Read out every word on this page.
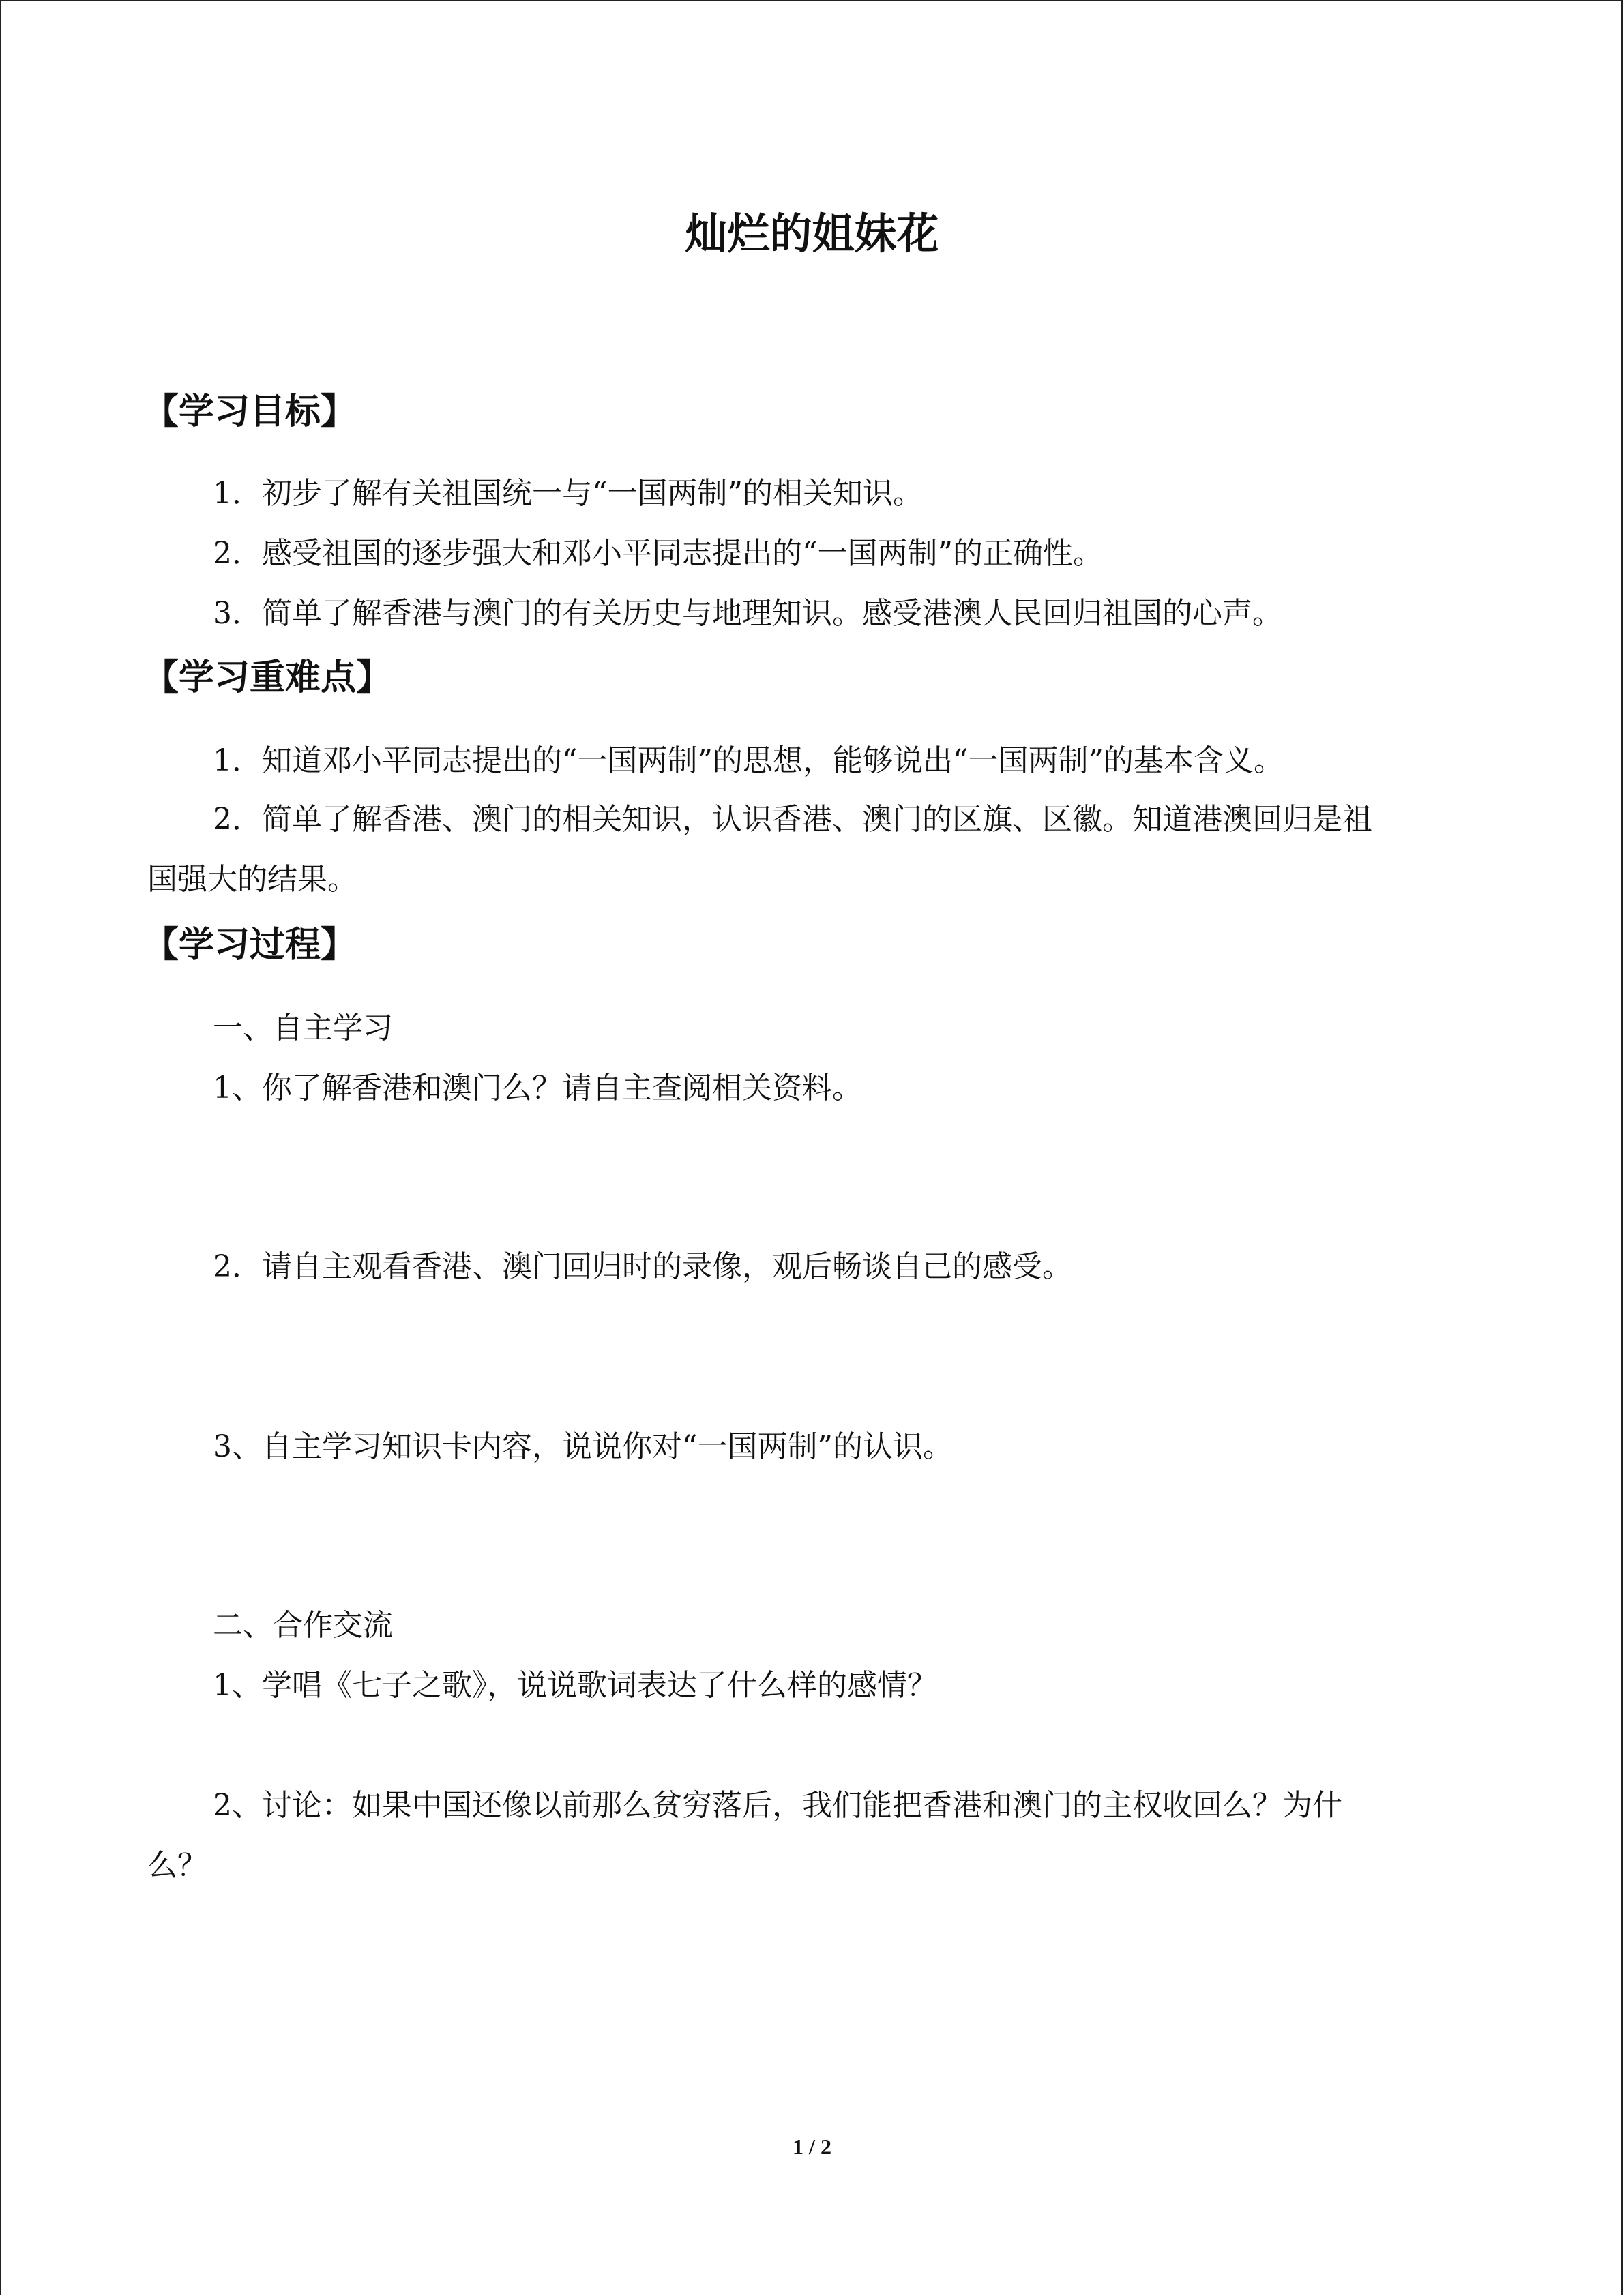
灿烂的姐妹花
【学习目标】
1．初步了解有关祖国统一与“一国两制”的相关知识。
2．感受祖国的逐步强大和邓小平同志提出的“一国两制”的正确性。
3．简单了解香港与澳门的有关历史与地理知识。感受港澳人民回归祖国的心声。
【学习重难点】
1．知道邓小平同志提出的“一国两制”的思想，能够说出“一国两制”的基本含义。
2．简单了解香港、澳门的相关知识，认识香港、澳门的区旗、区徽。知道港澳回归是祖
国强大的结果。
【学习过程】
一、自主学习
1、你了解香港和澳门么？请自主查阅相关资料。
2．请自主观看香港、澳门回归时的录像，观后畅谈自己的感受。
3、自主学习知识卡内容，说说你对“一国两制”的认识。
二、合作交流
1、学唱《七子之歌》，说说歌词表达了什么样的感情？
2、讨论：如果中国还像以前那么贫穷落后，我们能把香港和澳门的主权收回么？为什
么？
1 / 2
